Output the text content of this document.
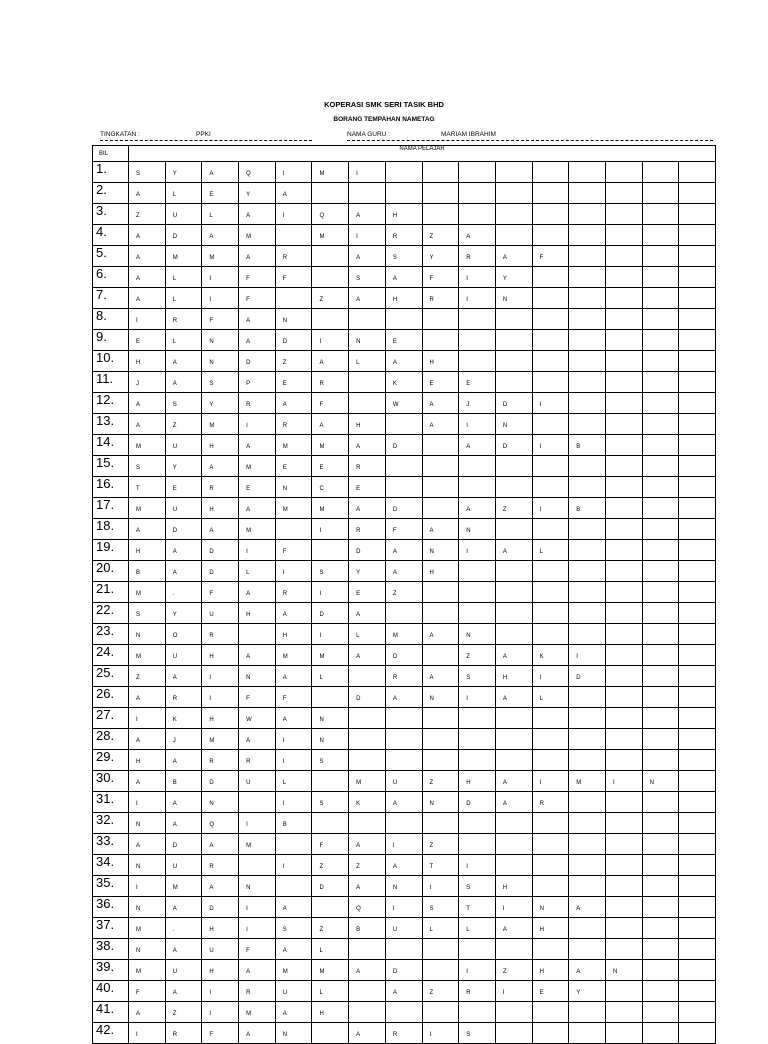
KOPERASI SMK SERI TASIK BHD
BORANG TEMPAHAN NAMETAG
TINGKATAN :	PPKI	NAMA GURU :	MARIAM IBRAHIM
BIL	NAMA PELAJAR															
1.	S	Y	A	Q	I	M	I									
2.	A	L	E	Y	A											
3.	Z	U	L	A	I	Q	A	H								
4.	A	D	A	M		M	I	R	Z	A						
5.	A	M	M	A	R		A	S	Y	R	A	F				
6.	A	L	I	F	F		S	A	F	I	Y					
7.	A	L	I	F		Z	A	H	R	I	N					
8.	I	R	F	A	N											
9.	E	L	N	A	D	I	N	E								
10.	H	A	N	D	Z	A	L	A	H							
11.	J	A	S	P	E	R		K	E	E						
12.	A	S	Y	R	A	F		W	A	J	D	I				
13.	A	Z	M	I	R	A	H		A	I	N					
14.	M	U	H	A	M	M	A	D		A	D	I	B			
15.	S	Y	A	M	E	E	R									
16.	T	E	R	E	N	C	E									
17.	M	U	H	A	M	M	A	D		A	Z	I	B			
18.	A	D	A	M		I	R	F	A	N						
19.	H	A	D	I	F		D	A	N	I	A	L				
20.	B	A	D	L	I	S	Y	A	H							
21.	M	.	F	A	R	I	E	Z								
22.	S	Y	U	H	A	D	A									
23.	N	O	R		H	I	L	M	A	N						
24.	M	U	H	A	M	M	A	D		Z	A	K	I			
25.	Z	A	I	N	A	L		R	A	S	H	I	D			
26.	A	R	I	F	F		D	A	N	I	A	L				
27.	I	K	H	W	A	N										
28.	A	J	M	A	I	N										
29.	H	A	R	R	I	S										
30.	A	B	D	U	L		M	U	Z	H	A	I	M	I	N	
31.	I	A	N		I	S	K	A	N	D	A	R				
32.	N	A	Q	I	B											
33.	A	D	A	M		F	A	I	Z							
34.	N	U	R		I	Z	Z	A	T	I						
35.	I	M	A	N		D	A	N	I	S	H					
36.	N	A	D	I	A		Q	I	S	T	I	N	A			
37.	M	.	H	I	S	Z	B	U	L	L	A	H				
38.	N	A	U	F	A	L										
39.	M	U	H	A	M	M	A	D		I	Z	H	A	N		
40.	F	A	I	R	U	L		A	Z	R	I	E	Y			
41.	A	Z	I	M	A	H										
42.	I	R	F	A	N		A	R	I	S						
